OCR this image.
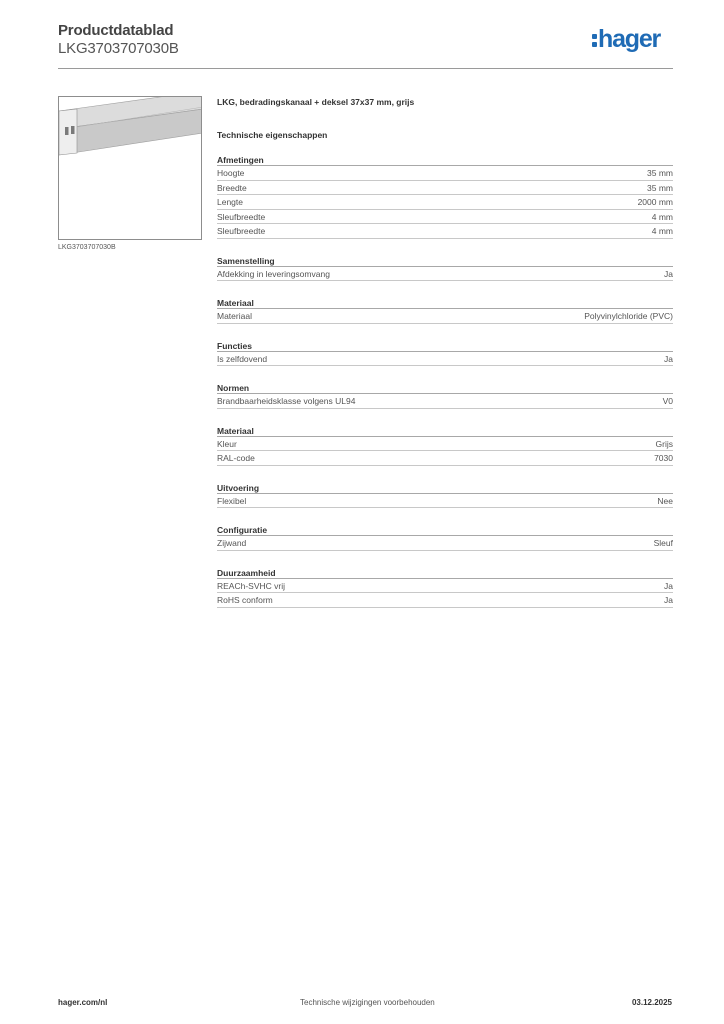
Productdatablad
LKG3703707030B	hager
LKG3703707030B
LKG, bedradingskanaal + deksel 37x37 mm, grijs
Technische eigenschappen
Afmetingen
Hoogte	35 mm
Breedte	35 mm
Lengte	2000 mm
Sleufbreedte	4 mm
Sleufbreedte	4 mm
Samenstelling
Afdekking in leveringsomvang	Ja
Materiaal
Materiaal	Polyvinylchloride (PVC)
Functies
Is zelfdovend	Ja
Normen
Brandbaarheidsklasse volgens UL94	V0
Materiaal
Kleur	Grijs
RAL-code	7030
Uitvoering
Flexibel	Nee
Configuratie
Zijwand	Sleuf
Duurzaamheid
REACh-SVHC vrij	Ja
RoHS conform	Ja
hager.com/nl	Technische wijzigingen voorbehouden	03.12.2025
